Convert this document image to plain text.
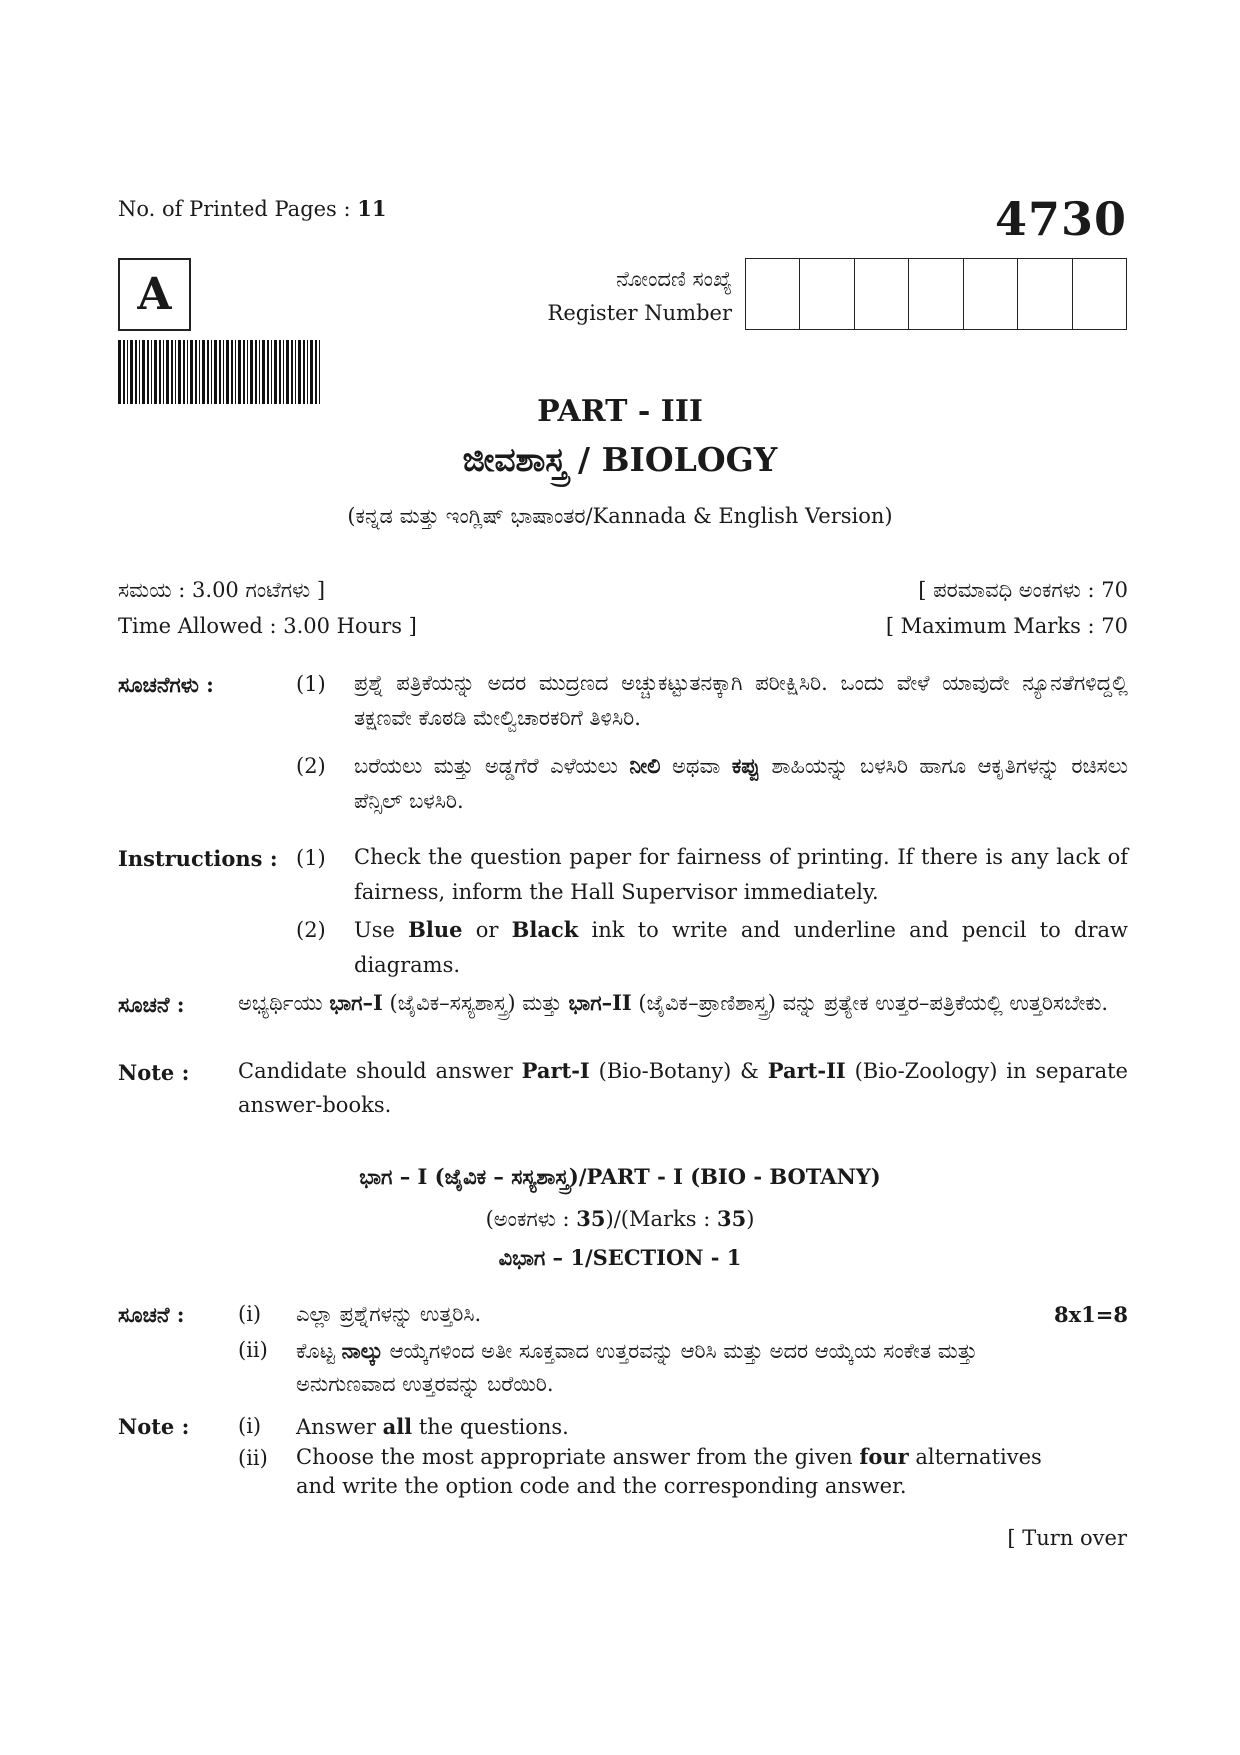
No. of Printed Pages : 11	4730
A	ನೋಂದಣಿ ಸಂಖ್ಯೆ
Register Number
PART - III
ಜೀವಶಾಸ್ತ್ರ / BIOLOGY
(ಕನ್ನಡ ಮತ್ತು ಇಂಗ್ಲಿಷ್ ಭಾಷಾಂತರ/Kannada & English Version)
ಸಮಯ : 3.00 ಗಂಟೆಗಳು ]	[ ಪರಮಾವಧಿ ಅಂಕಗಳು : 70
Time Allowed : 3.00 Hours ]	[ Maximum Marks : 70
ಸೂಚನೆಗಳು :	(1) ಪ್ರಶ್ನೆ ಪತ್ರಿಕೆಯನ್ನು ಅದರ ಮುದ್ರಣದ ಅಚ್ಚುಕಟ್ಟುತನಕ್ಕಾಗಿ ಪರೀಕ್ಷಿಸಿರಿ. ಒಂದು ವೇಳೆ ಯಾವುದೇ ನ್ಯೂನತೆಗಳಿದ್ದಲ್ಲಿ ತಕ್ಷಣವೇ ಕೊಠಡಿ ಮೇಲ್ವಿಚಾರಕರಿಗೆ ತಿಳಿಸಿರಿ.
(2) ಬರೆಯಲು ಮತ್ತು ಅಡ್ಡಗೆರೆ ಎಳೆಯಲು ನೀಲಿ ಅಥವಾ ಕಪ್ಪು ಶಾಹಿಯನ್ನು ಬಳಸಿರಿ ಹಾಗೂ ಆಕೃತಿಗಳನ್ನು ರಚಿಸಲು ಪೆನ್ಸಿಲ್ ಬಳಸಿರಿ.
Instructions : (1) Check the question paper for fairness of printing. If there is any lack of fairness, inform the Hall Supervisor immediately.
(2) Use Blue or Black ink to write and underline and pencil to draw diagrams.
ಸೂಚನೆ :	ಅಭ್ಯರ್ಥಿಯು ಭಾಗ–I (ಜೈವಿಕ–ಸಸ್ಯಶಾಸ್ತ್ರ) ಮತ್ತು ಭಾಗ–II (ಜೈವಿಕ–ಪ್ರಾಣಿಶಾಸ್ತ್ರ) ವನ್ನು ಪ್ರತ್ಯೇಕ ಉತ್ತರ–ಪತ್ರಿಕೆಯಲ್ಲಿ ಉತ್ತರಿಸಬೇಕು.
Note : Candidate should answer Part-I (Bio-Botany) & Part-II (Bio-Zoology) in separate answer-books.
ಭಾಗ – I (ಜೈವಿಕ – ಸಸ್ಯಶಾಸ್ತ್ರ)/PART - I (BIO - BOTANY)
(ಅಂಕಗಳು : 35)/(Marks : 35)
ವಿಭಾಗ – 1/SECTION - 1
ಸೂಚನೆ :	8x1=8
(i) ಎಲ್ಲಾ ಪ್ರಶ್ನೆಗಳನ್ನು ಉತ್ತರಿಸಿ.
(ii) ಕೊಟ್ಟ ನಾಲ್ಕು ಆಯ್ಕೆಗಳಿಂದ ಅತೀ ಸೂಕ್ತವಾದ ಉತ್ತರವನ್ನು ಆರಿಸಿ ಮತ್ತು ಅದರ ಆಯ್ಕೆಯ ಸಂಕೇತ ಮತ್ತು ಅನುಗುಣವಾದ ಉತ್ತರವನ್ನು ಬರೆಯಿರಿ.
Note : (i) Answer all the questions.
(ii) Choose the most appropriate answer from the given four alternatives and write the option code and the corresponding answer.
[ Turn over
